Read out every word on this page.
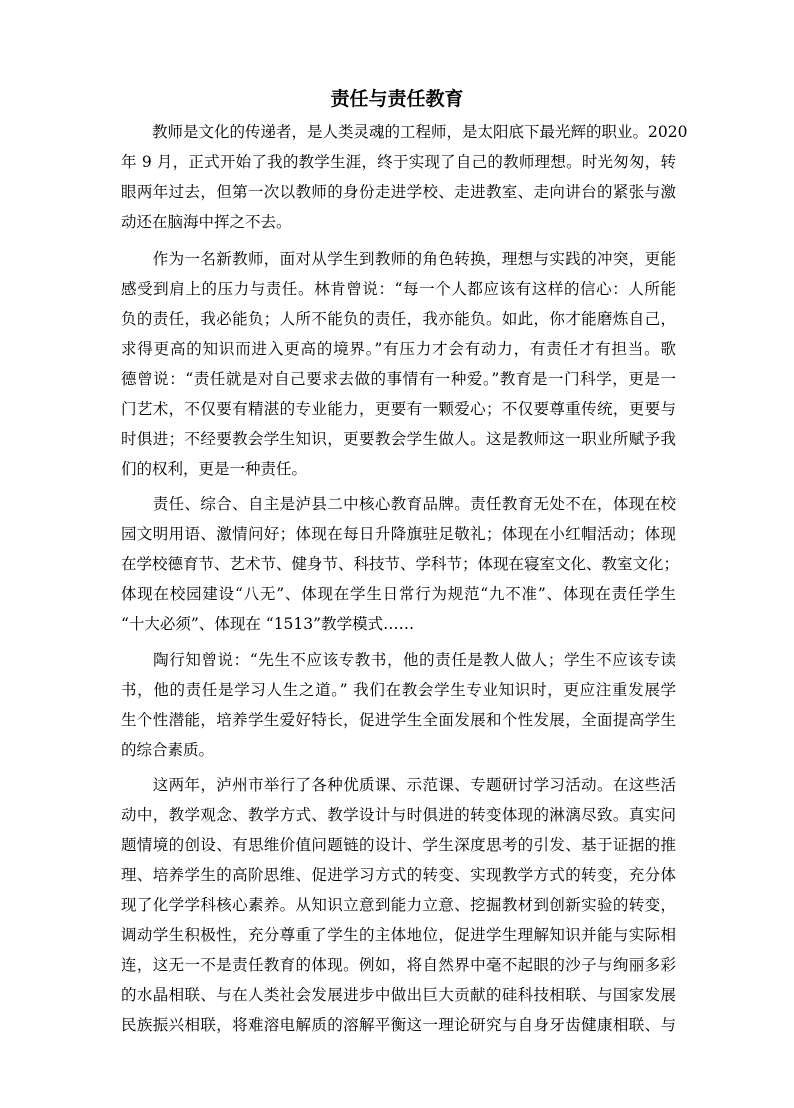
责任与责任教育

　　教师是文化的传递者，是人类灵魂的工程师，是太阳底下最光辉的职业。2020

年 9 月，正式开始了我的教学生涯，终于实现了自己的教师理想。时光匆匆，转

眼两年过去，但第一次以教师的身份走进学校、走进教室、走向讲台的紧张与激

动还在脑海中挥之不去。

　　作为一名新教师，面对从学生到教师的角色转换，理想与实践的冲突，更能

感受到肩上的压力与责任。林肯曾说：“每一个人都应该有这样的信心：人所能

负的责任，我必能负；人所不能负的责任，我亦能负。如此，你才能磨炼自己，

求得更高的知识而进入更高的境界。”有压力才会有动力，有责任才有担当。歌

德曾说：“责任就是对自己要求去做的事情有一种爱。”教育是一门科学，更是一

门艺术，不仅要有精湛的专业能力，更要有一颗爱心；不仅要尊重传统，更要与

时俱进；不经要教会学生知识，更要教会学生做人。这是教师这一职业所赋予我

们的权利，更是一种责任。

　　责任、综合、自主是泸县二中核心教育品牌。责任教育无处不在，体现在校

园文明用语、激情问好；体现在每日升降旗驻足敬礼；体现在小红帽活动；体现

在学校德育节、艺术节、健身节、科技节、学科节；体现在寝室文化、教室文化；

体现在校园建设“八无”、体现在学生日常行为规范“九不准”、体现在责任学生

“十大必须”、体现在 “1513”教学模式……

　　陶行知曾说：“先生不应该专教书，他的责任是教人做人；学生不应该专读

书，他的责任是学习人生之道。” 我们在教会学生专业知识时，更应注重发展学

生个性潜能，培养学生爱好特长，促进学生全面发展和个性发展，全面提高学生

的综合素质。

　　这两年，泸州市举行了各种优质课、示范课、专题研讨学习活动。在这些活

动中，教学观念、教学方式、教学设计与时俱进的转变体现的淋漓尽致。真实问

题情境的创设、有思维价值问题链的设计、学生深度思考的引发、基于证据的推

理、培养学生的高阶思维、促进学习方式的转变、实现教学方式的转变，充分体

现了化学学科核心素养。从知识立意到能力立意、挖掘教材到创新实验的转变，

调动学生积极性，充分尊重了学生的主体地位，促进学生理解知识并能与实际相

连，这无一不是责任教育的体现。例如，将自然界中毫不起眼的沙子与绚丽多彩

的水晶相联、与在人类社会发展进步中做出巨大贡献的硅科技相联、与国家发展

民族振兴相联，将难溶电解质的溶解平衡这一理论研究与自身牙齿健康相联、与
